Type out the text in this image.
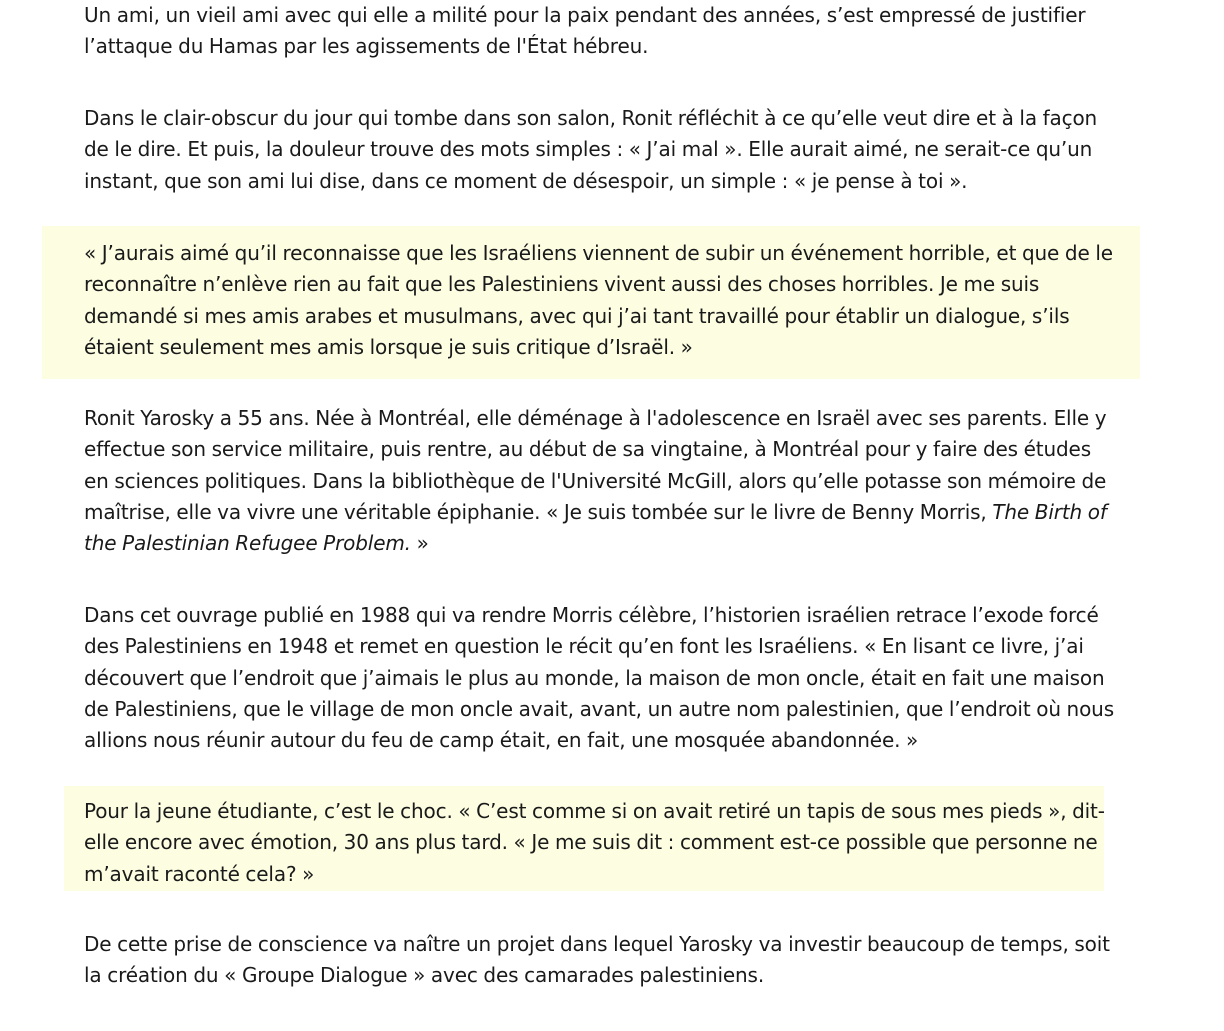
Un ami, un vieil ami avec qui elle a milité pour la paix pendant des années, s’est empressé de justifier l’attaque du Hamas par les agissements de l'État hébreu.

Dans le clair-obscur du jour qui tombe dans son salon, Ronit réfléchit à ce qu’elle veut dire et à la façon de le dire. Et puis, la douleur trouve des mots simples : « J’ai mal ». Elle aurait aimé, ne serait-ce qu’un instant, que son ami lui dise, dans ce moment de désespoir, un simple : « je pense à toi ».

« J’aurais aimé qu’il reconnaisse que les Israéliens viennent de subir un événement horrible, et que de le reconnaître n’enlève rien au fait que les Palestiniens vivent aussi des choses horribles. Je me suis demandé si mes amis arabes et musulmans, avec qui j’ai tant travaillé pour établir un dialogue, s’ils étaient seulement mes amis lorsque je suis critique d’Israël. »

Ronit Yarosky a 55 ans. Née à Montréal, elle déménage à l'adolescence en Israël avec ses parents. Elle y effectue son service militaire, puis rentre, au début de sa vingtaine, à Montréal pour y faire des études en sciences politiques. Dans la bibliothèque de l'Université McGill, alors qu’elle potasse son mémoire de maîtrise, elle va vivre une véritable épiphanie. « Je suis tombée sur le livre de Benny Morris, The Birth of the Palestinian Refugee Problem. »

Dans cet ouvrage publié en 1988 qui va rendre Morris célèbre, l’historien israélien retrace l’exode forcé des Palestiniens en 1948 et remet en question le récit qu’en font les Israéliens. « En lisant ce livre, j’ai découvert que l’endroit que j’aimais le plus au monde, la maison de mon oncle, était en fait une maison de Palestiniens, que le village de mon oncle avait, avant, un autre nom palestinien, que l’endroit où nous allions nous réunir autour du feu de camp était, en fait, une mosquée abandonnée. »

Pour la jeune étudiante, c’est le choc. « C’est comme si on avait retiré un tapis de sous mes pieds », dit-elle encore avec émotion, 30 ans plus tard. « Je me suis dit : comment est-ce possible que personne ne m’avait raconté cela? »

De cette prise de conscience va naître un projet dans lequel Yarosky va investir beaucoup de temps, soit la création du « Groupe Dialogue » avec des camarades palestiniens.
